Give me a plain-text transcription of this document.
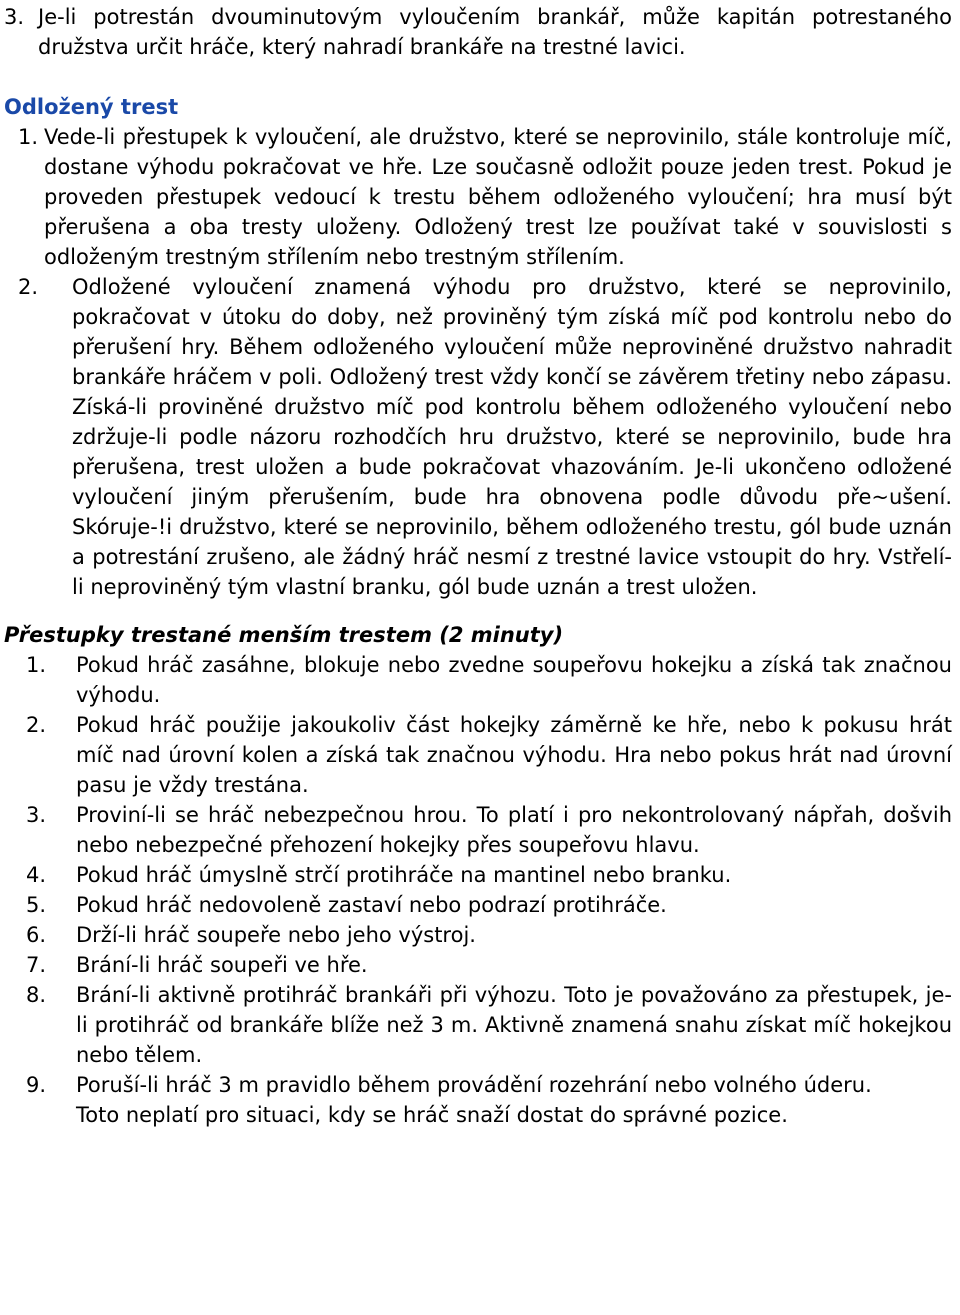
3. Je-li potrestán dvouminutovým vyloučením brankář, může kapitán potrestaného družstva určit hráče, který nahradí brankáře na trestné lavici.
Odložený trest
1. Vede-li přestupek k vyloučení, ale družstvo, které se neprovinilo, stále kontroluje míč, dostane výhodu pokračovat ve hře. Lze současně odložit pouze jeden trest. Pokud je proveden přestupek vedoucí k trestu během odloženého vyloučení; hra musí být přerušena a oba tresty uloženy. Odložený trest lze používat také v souvislosti s odloženým trestným střílením nebo trestným střílením.
2. Odložené vyloučení znamená výhodu pro družstvo, které se neprovinilo, pokračovat v útoku do doby, než proviněný tým získá míč pod kontrolu nebo do přerušení hry. Během odloženého vyloučení může neproviněné družstvo nahradit brankáře hráčem v poli. Odložený trest vždy končí se závěrem třetiny nebo zápasu. Získá-li proviněné družstvo míč pod kontrolu během odloženého vyloučení nebo zdržuje-li podle názoru rozhodčích hru družstvo, které se neprovinilo, bude hra přerušena, trest uložen a bude pokračovat vhazováním. Je-li ukončeno odložené vyloučení jiným přerušením, bude hra obnovena podle důvodu pře~ušení. Skóruje-!i družstvo, které se neprovinilo, během odloženého trestu, gól bude uznán a potrestání zrušeno, ale žádný hráč nesmí z trestné lavice vstoupit do hry. Vstřelí-li neproviněný tým vlastní branku, gól bude uznán a trest uložen.
Přestupky trestané menším trestem (2 minuty)
1.	Pokud hráč zasáhne, blokuje nebo zvedne soupeřovu hokejku a získá tak značnou výhodu.
2.	Pokud hráč použije jakoukoliv část hokejky záměrně ke hře, nebo k pokusu hrát míč nad úrovní kolen a získá tak značnou výhodu. Hra nebo pokus hrát nad úrovní pasu je vždy trestána.
3.	Proviní-li se hráč nebezpečnou hrou. To platí i pro nekontrolovaný nápřah, došvih nebo nebezpečné přehození hokejky přes soupeřovu hlavu.
4.	Pokud hráč úmyslně strčí protihráče na mantinel nebo branku.
5.	Pokud hráč nedovoleně zastaví nebo podrazí protihráče.
6.	Drží-li hráč soupeře nebo jeho výstroj.
7.	Brání-li hráč soupeři ve hře.
8.	Brání-li aktivně protihráč brankáři při výhozu. Toto je považováno za přestupek, je-li protihráč od brankáře blíže než 3 m. Aktivně znamená snahu získat míč hokejkou nebo tělem.
9.	Poruší-li hráč 3 m pravidlo během provádění rozehrání nebo volného úderu.
Toto neplatí pro situaci, kdy se hráč snaží dostat do správné pozice.
